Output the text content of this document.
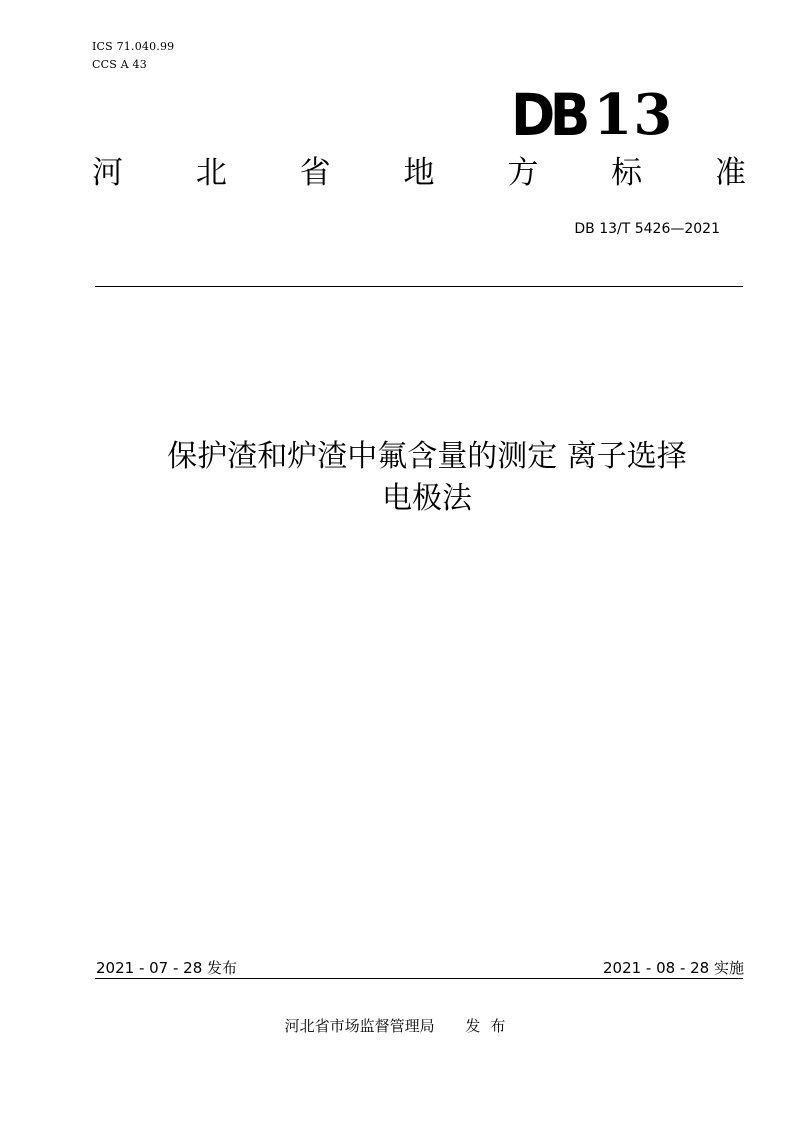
ICS 71.040.99
CCS A 43
DB 13
河 北 省 地 方 标 准
DB 13/T 5426—2021
保护渣和炉渣中氟含量的测定 离子选择
电极法
2021 - 07 - 28 发布	2021 - 08 - 28 实施
河北省市场监督管理局 发布
